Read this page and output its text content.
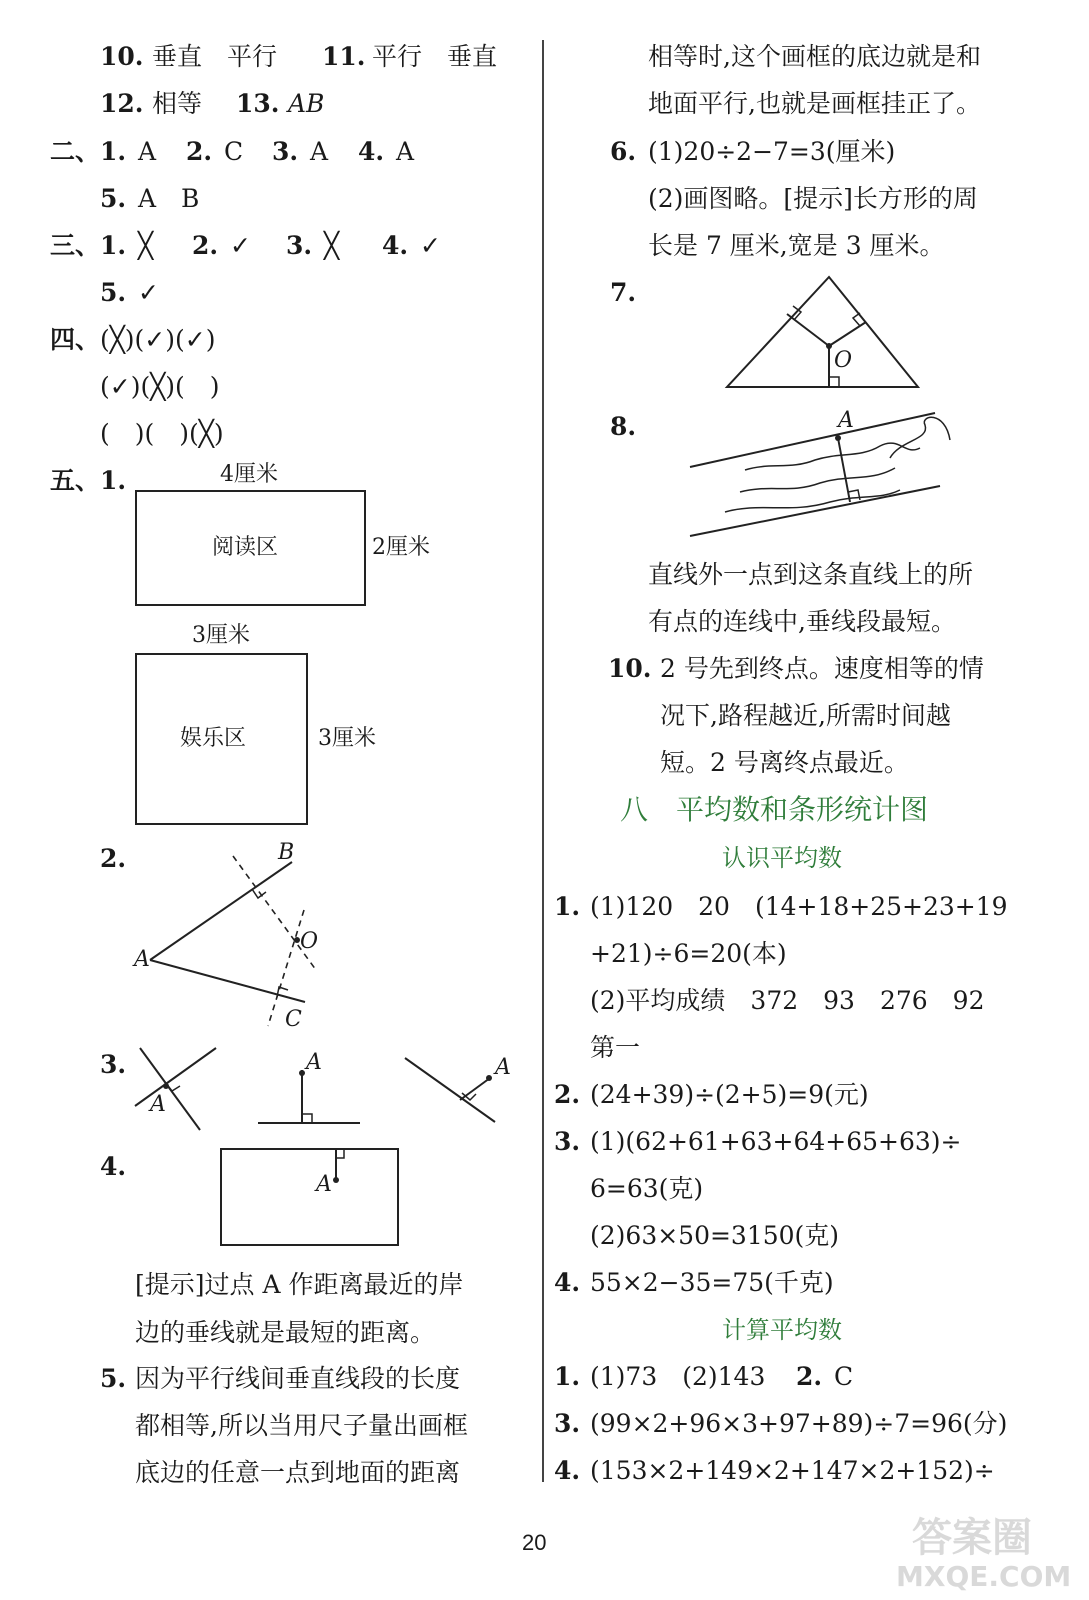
10. 垂直　平行 11. 平行　垂直
12. 相等 13. AB
二、 1. A 2. C 3. A 4. A
5. A　B
三、 1. ╳ 2. ✓ 3. ╳ 4. ✓
5. ✓
四、 (╳)(✓)(✓)
(✓)(╳)(　)
(　)(　)(╳)
五、 1.	4厘米
阅读区	2厘米
3厘米
娱乐区	3厘米
2.	B
O
A
C
3.
A
A	A
4.
A
[提示]过点 A 作距离最近的岸
边的垂线就是最短的距离。
5. 因为平行线间垂直线段的长度
都相等,所以当用尺子量出画框
底边的任意一点到地面的距离
相等时,这个画框的底边就是和
地面平行,也就是画框挂正了。
6. (1)20÷2−7=3(厘米)
(2)画图略。[提示]长方形的周
长是 7 厘米,宽是 3 厘米。
7.
O
8.	A
直线外一点到这条直线上的所
有点的连线中,垂线段最短。
10. 2 号先到终点。速度相等的情
况下,路程越近,所需时间越
短。2 号离终点最近。
八　平均数和条形统计图
认识平均数
1. (1)120　20　(14+18+25+23+19
+21)÷6=20(本)
(2)平均成绩　372　93　276　92
第一
2. (24+39)÷(2+5)=9(元)
3. (1)(62+61+63+64+65+63)÷
6=63(克)
(2)63×50=3150(克)
4. 55×2−35=75(千克)
计算平均数
1. (1)73　(2)143 2. C
3. (99×2+96×3+97+89)÷7=96(分)
4. (153×2+149×2+147×2+152)÷
20	答案圈
MXQE.COM
